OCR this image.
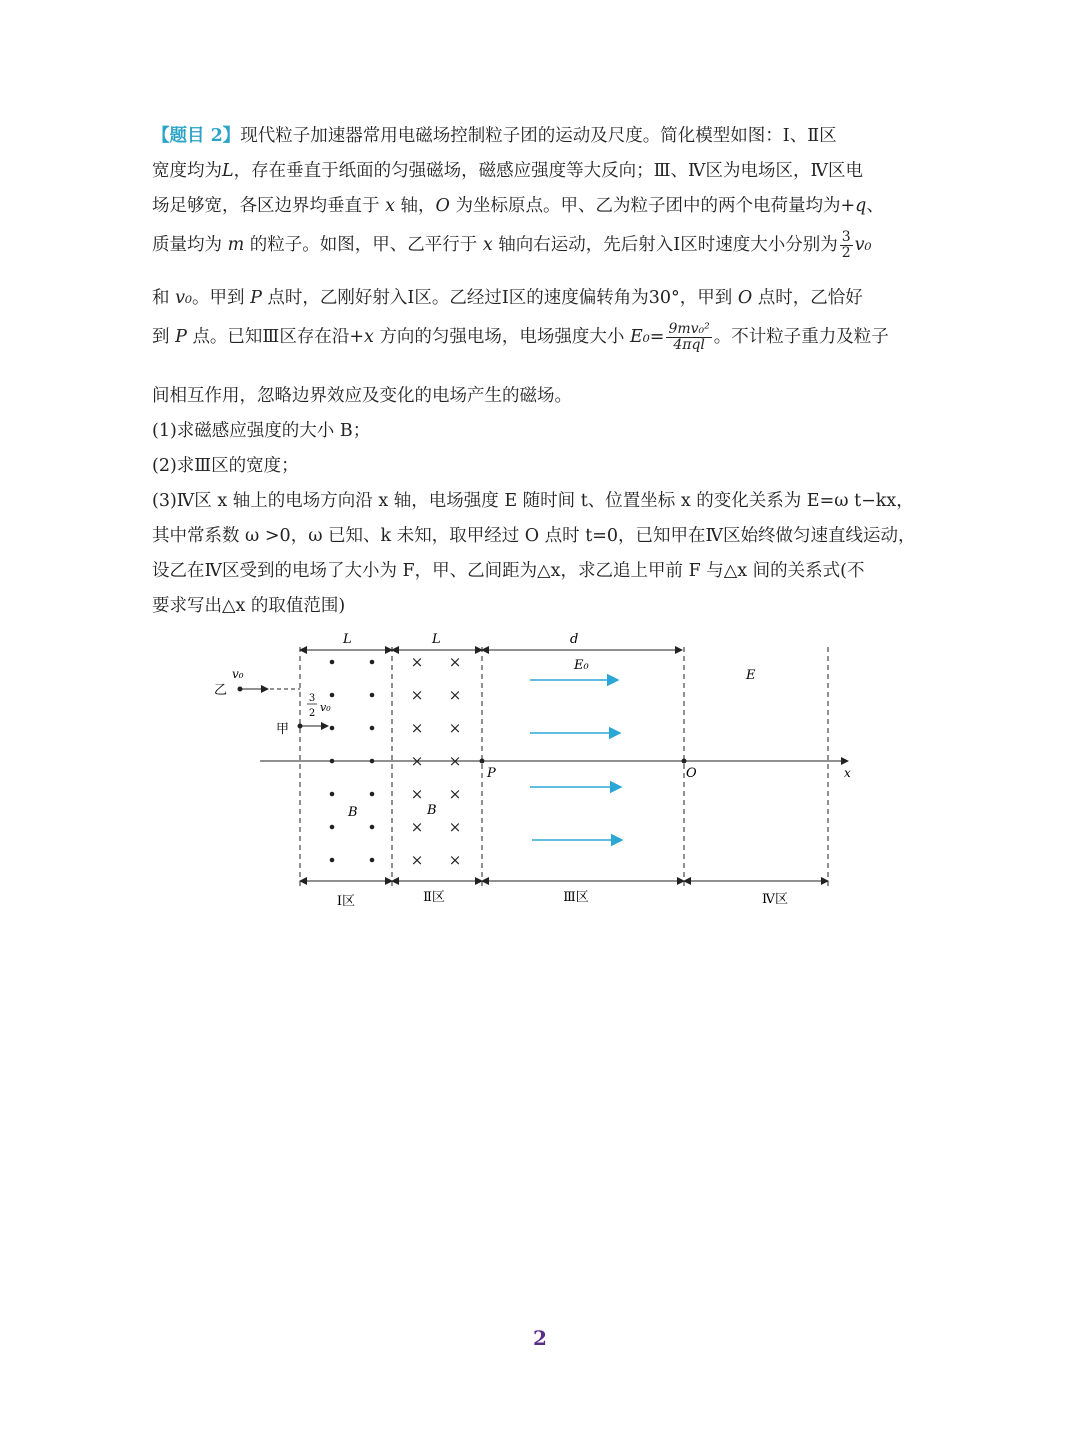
【题目 2】现代粒子加速器常用电磁场控制粒子团的运动及尺度。简化模型如图：Ⅰ、Ⅱ区
宽度均为L，存在垂直于纸面的匀强磁场，磁感应强度等大反向；Ⅲ、Ⅳ区为电场区，Ⅳ区电
场足够宽，各区边界均垂直于 x 轴，O 为坐标原点。甲、乙为粒子团中的两个电荷量均为+q、
质量均为 m 的粒子。如图，甲、乙平行于 x 轴向右运动，先后射入Ⅰ区时速度大小分别为 $\frac{3}{2} v_0$
和 v₀。甲到 P 点时，乙刚好射入Ⅰ区。乙经过Ⅰ区的速度偏转角为30°，甲到 O 点时，乙恰好
到 P 点。已知Ⅲ区存在沿+x 方向的匀强电场，电场强度大小 $E_0= \frac{\text{9mv₀²}}{\text{4πql}}$ 。不计粒子重力及粒子
间相互作用，忽略边界效应及变化的电场产生的磁场。
(1)求磁感应强度的大小 B；
(2)求Ⅲ区的宽度；
(3)Ⅳ区 x 轴上的电场方向沿 x 轴，电场强度 E 随时间 t、位置坐标 x 的变化关系为 E=ω t−kx，
其中常系数 ω >0，ω 已知、k 未知，取甲经过 O 点时 t=0，已知甲在Ⅳ区始终做匀速直线运动，
设乙在Ⅳ区受到的电场了大小为 F，甲、乙间距为△x，求乙追上甲前 F 与△x 间的关系式(不
要求写出△x 的取值范围)
L	L	d
x
P	O
B
× ×
× ×
× ×
× ×
× ×
× ×
× ×
B
E₀
E
v₀
乙
3
2 v₀
甲
Ⅰ区	Ⅱ区	Ⅲ区	Ⅳ区
2
